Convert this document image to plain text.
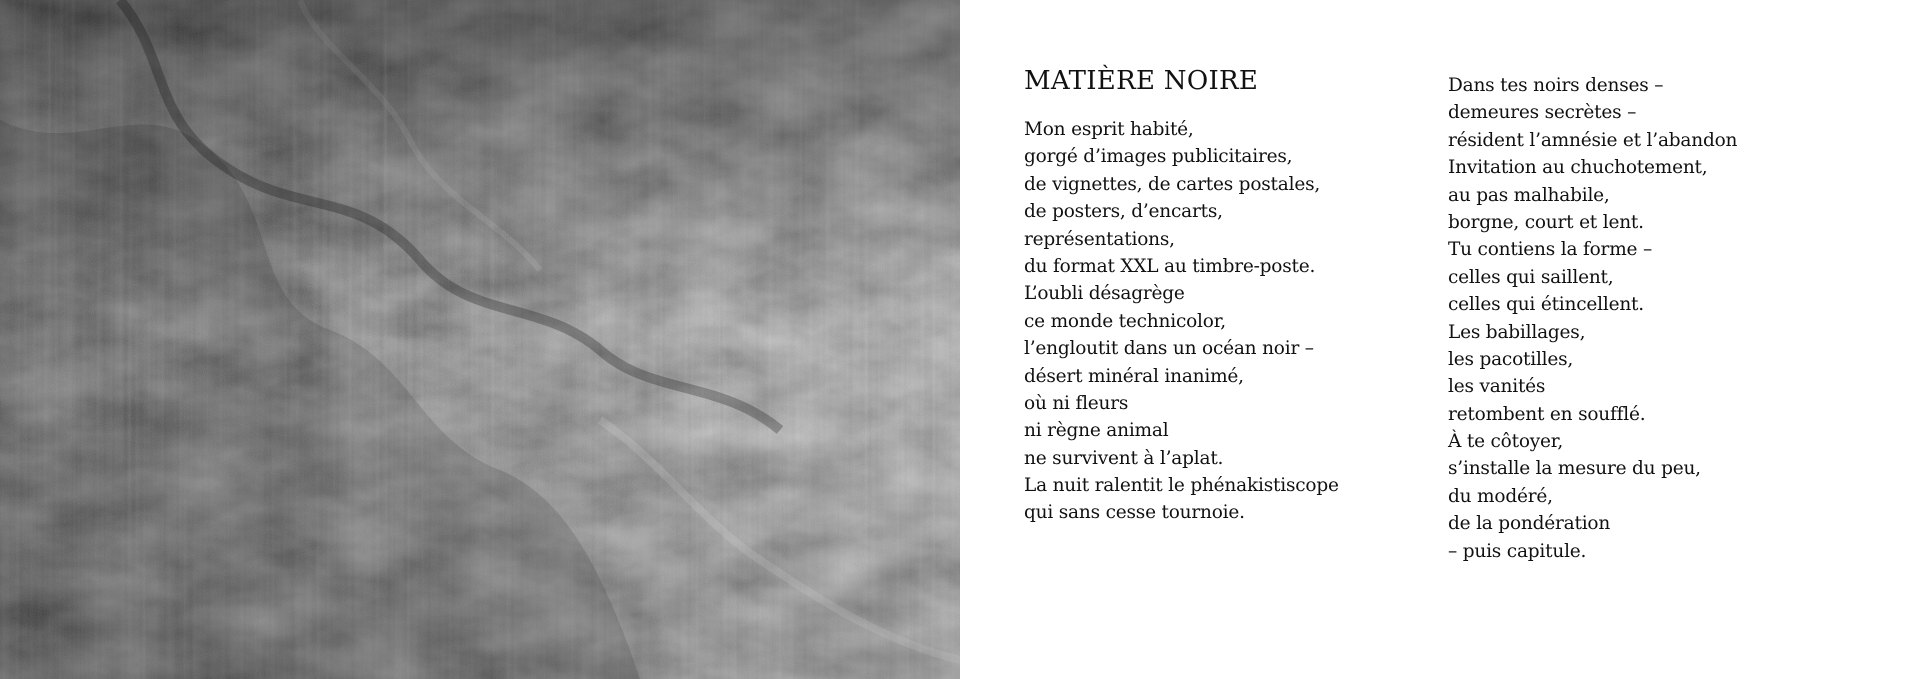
MATIÈRE NOIRE
Mon esprit habité,
gorgé d’images publicitaires,
de vignettes, de cartes postales,
de posters, d’encarts,
représentations,
du format XXL au timbre-poste.
L’oubli désagrège
ce monde technicolor,
l’engloutit dans un océan noir –
désert minéral inanimé,
où ni fleurs
ni règne animal
ne survivent à l’aplat.
La nuit ralentit le phénakistiscope
qui sans cesse tournoie.
Dans tes noirs denses –
demeures secrètes –
résident l’amnésie et l’abandon
Invitation au chuchotement,
au pas malhabile,
borgne, court et lent.
Tu contiens la forme –
celles qui saillent,
celles qui étincellent.
Les babillages,
les pacotilles,
les vanités
retombent en soufflé.
À te côtoyer,
s’installe la mesure du peu,
du modéré,
de la pondération
– puis capitule.
